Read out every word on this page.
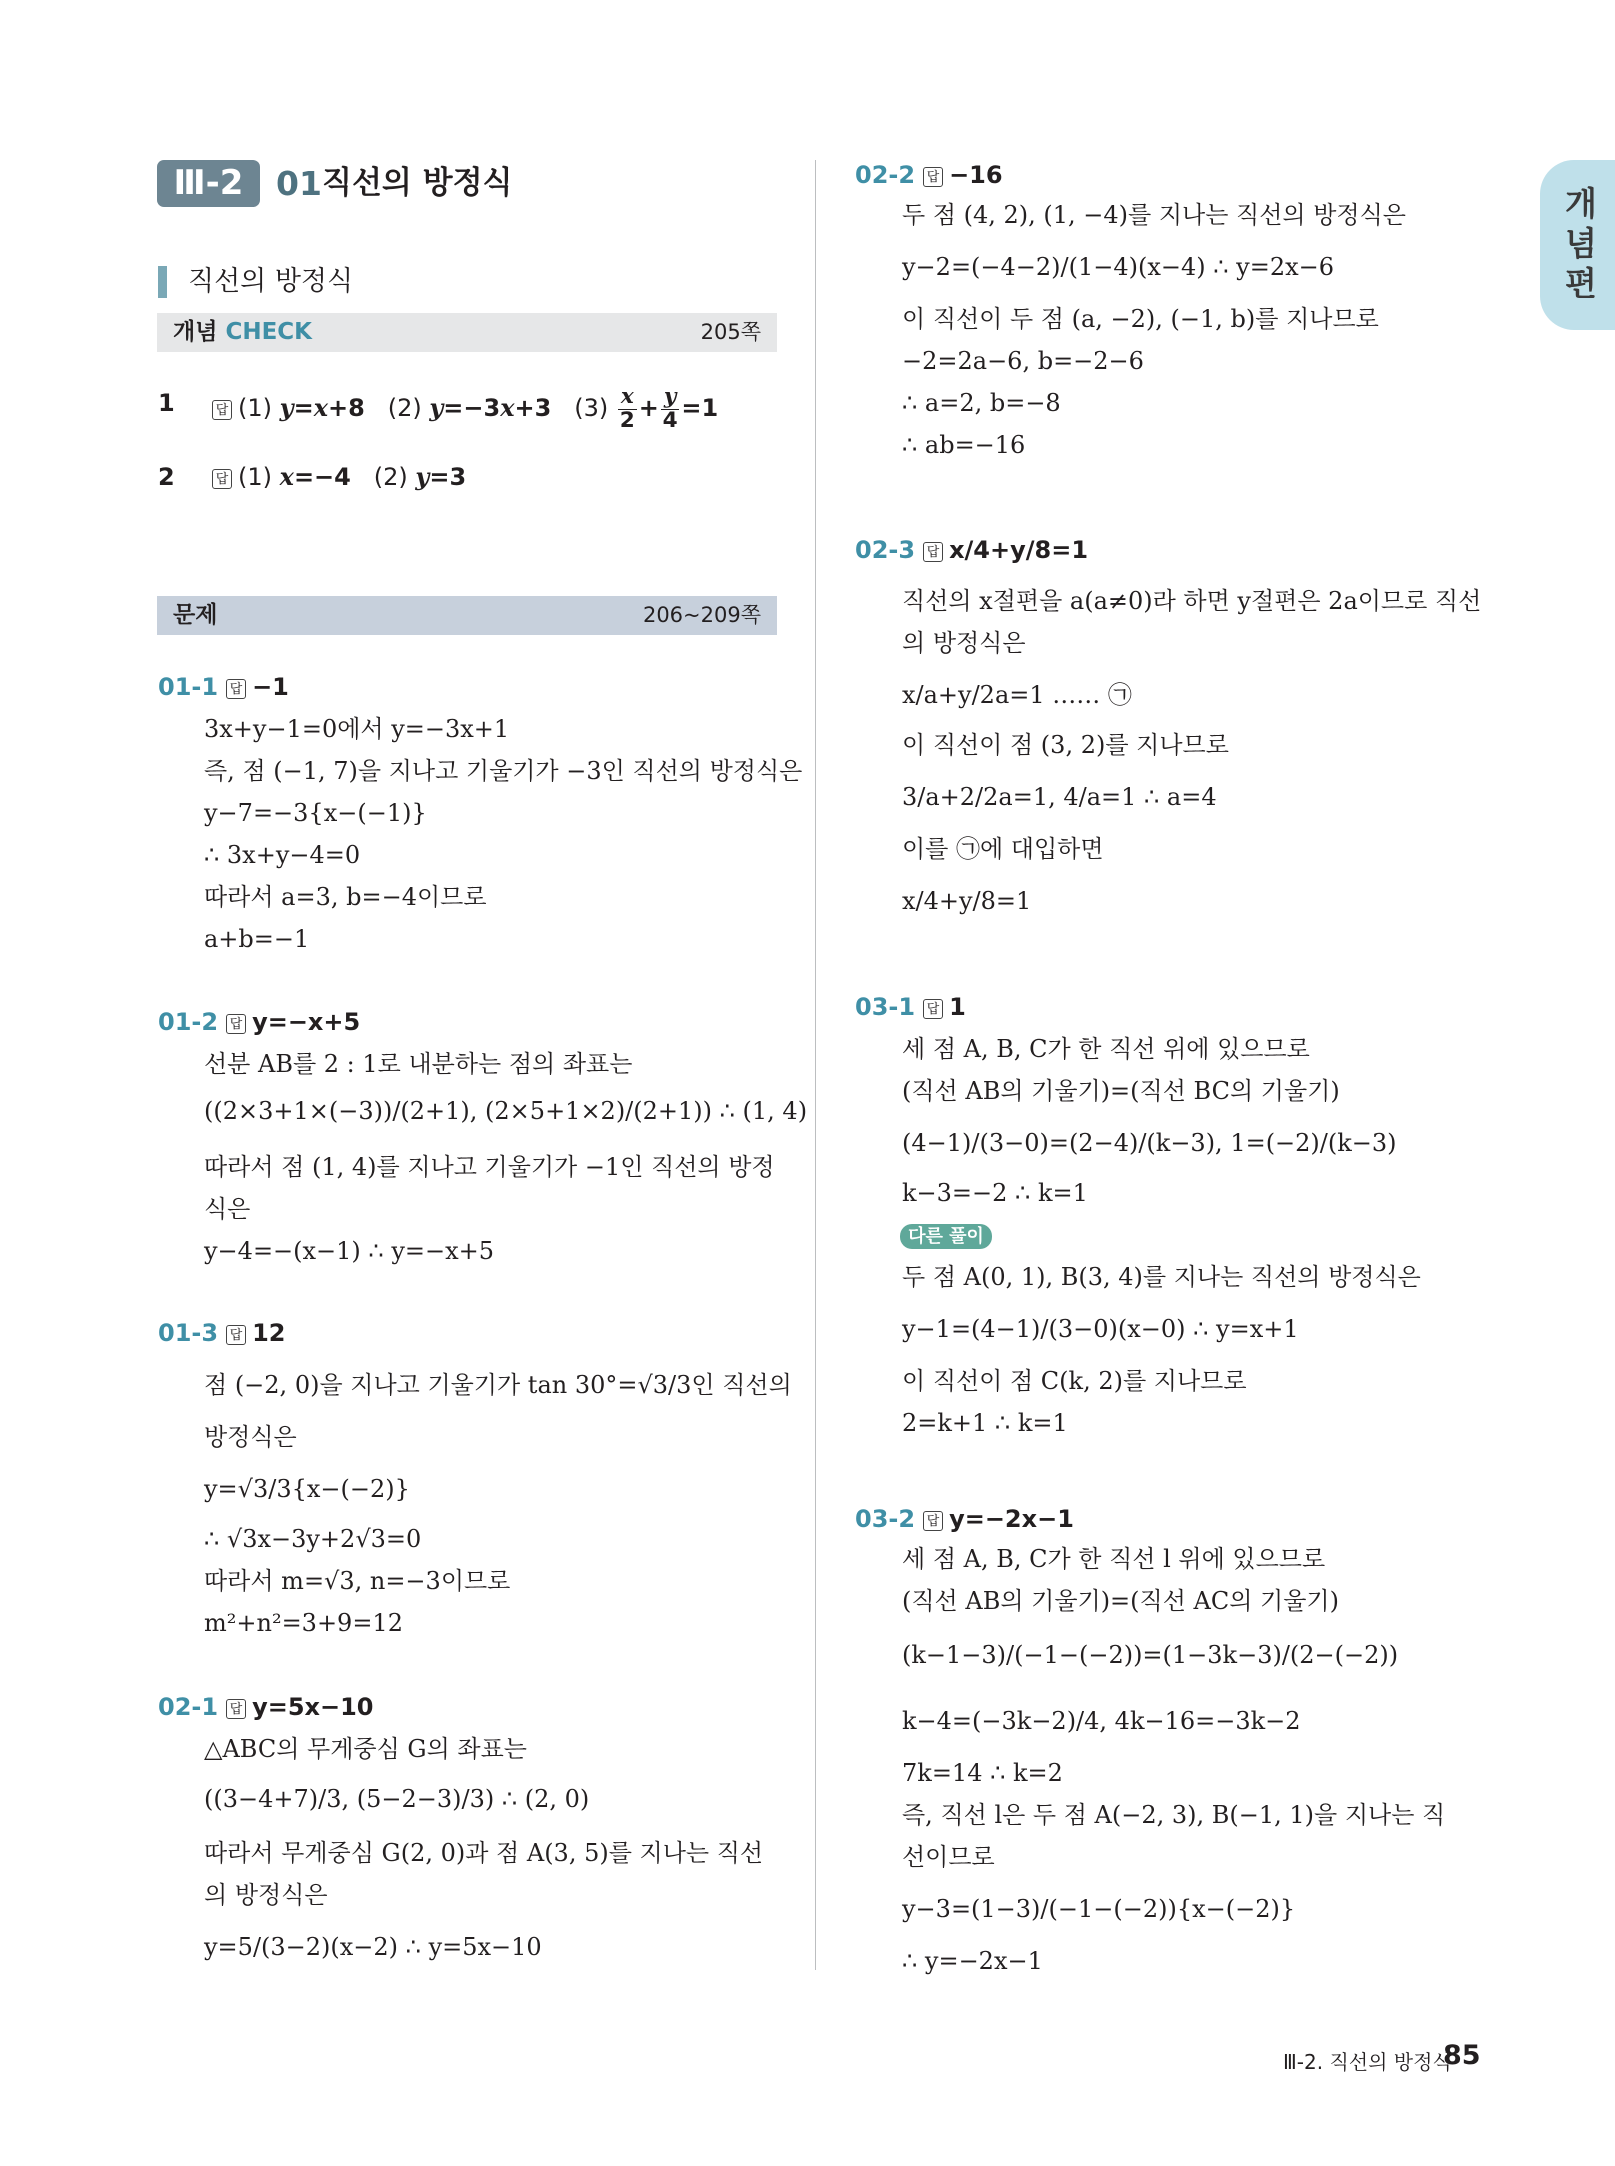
개
념
편
Ⅲ-2 01 직선의 방정식
직선의 방정식
개념 CHECK	205쪽
1	답 (1) y=x+8   (2) y=−3x+3   $(3) \frac{x}{2} + \frac{y}{4} =1$
2	답 (1) x=−4   (2) y=3
문제	206~209쪽
01-1 답 −1
3x+y−1=0에서 y=−3x+1
즉, 점 (−1, 7)을 지나고 기울기가 −3인 직선의 방정식은
y−7=−3{x−(−1)}
∴ 3x+y−4=0
따라서 a=3, b=−4이므로
a+b=−1
01-2 답 y=−x+5
선분 AB를 2 : 1로 내분하는 점의 좌표는
((2×3+1×(−3))/(2+1), (2×5+1×2)/(2+1)) ∴ (1, 4)
따라서 점 (1, 4)를 지나고 기울기가 −1인 직선의 방정
식은
y−4=−(x−1) ∴ y=−x+5
01-3 답 12
점 (−2, 0)을 지나고 기울기가 tan 30°=√3/3인 직선의
방정식은
y=√3/3{x−(−2)}
∴ √3x−3y+2√3=0
따라서 m=√3, n=−3이므로
m²+n²=3+9=12
02-1 답 y=5x−10
△ABC의 무게중심 G의 좌표는
((3−4+7)/3, (5−2−3)/3) ∴ (2, 0)
따라서 무게중심 G(2, 0)과 점 A(3, 5)를 지나는 직선
의 방정식은
y=5/(3−2)(x−2) ∴ y=5x−10
02-2 답 −16
두 점 (4, 2), (1, −4)를 지나는 직선의 방정식은
y−2=(−4−2)/(1−4)(x−4) ∴ y=2x−6
이 직선이 두 점 (a, −2), (−1, b)를 지나므로
−2=2a−6, b=−2−6
∴ a=2, b=−8
∴ ab=−16
02-3 답 x/4+y/8=1
직선의 x절편을 a(a≠0)라 하면 y절편은 2a이므로 직선
의 방정식은
x/a+y/2a=1 …… ㉠
이 직선이 점 (3, 2)를 지나므로
3/a+2/2a=1, 4/a=1 ∴ a=4
이를 ㉠에 대입하면
x/4+y/8=1
03-1 답 1
세 점 A, B, C가 한 직선 위에 있으므로
(직선 AB의 기울기)=(직선 BC의 기울기)
(4−1)/(3−0)=(2−4)/(k−3), 1=(−2)/(k−3)
k−3=−2 ∴ k=1
다른 풀이
두 점 A(0, 1), B(3, 4)를 지나는 직선의 방정식은
y−1=(4−1)/(3−0)(x−0) ∴ y=x+1
이 직선이 점 C(k, 2)를 지나므로
2=k+1 ∴ k=1
03-2 답 y=−2x−1
세 점 A, B, C가 한 직선 l 위에 있으므로
(직선 AB의 기울기)=(직선 AC의 기울기)
(k−1−3)/(−1−(−2))=(1−3k−3)/(2−(−2))
k−4=(−3k−2)/4, 4k−16=−3k−2
7k=14 ∴ k=2
즉, 직선 l은 두 점 A(−2, 3), B(−1, 1)을 지나는 직
선이므로
y−3=(1−3)/(−1−(−2)){x−(−2)}
∴ y=−2x−1
Ⅲ-2. 직선의 방정식
85
